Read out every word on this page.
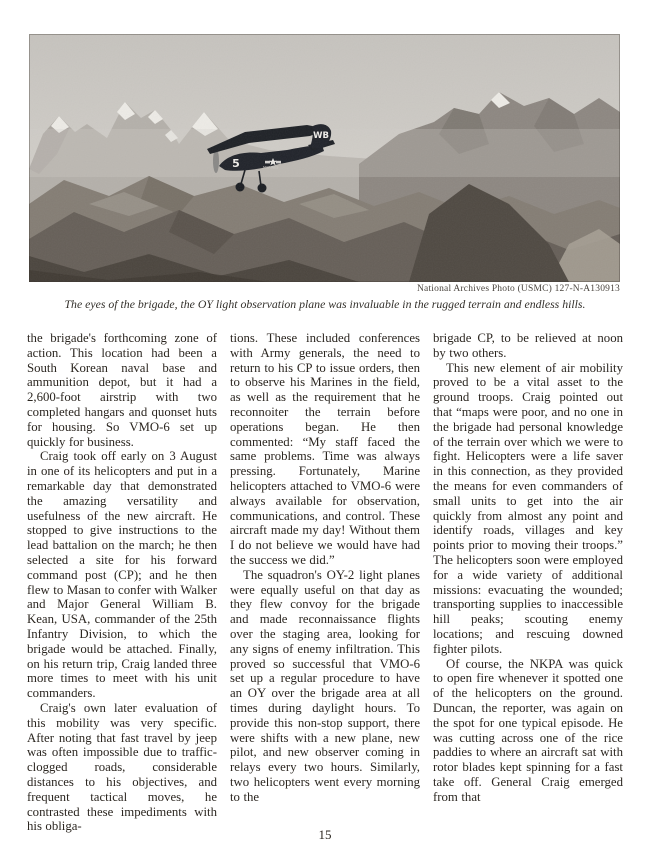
WB
5	MARINES
National Archives Photo (USMC) 127-N-A130913
The eyes of the brigade, the OY light observation plane was invaluable in the rugged terrain and endless hills.

the brigade's forthcoming zone of action. This location had been a South Korean naval base and ammunition depot, but it had a 2,600-foot airstrip with two completed hangars and quonset huts for housing. So VMO-6 set up quickly for business.

Craig took off early on 3 August in one of its helicopters and put in a remarkable day that demonstrated the amazing versatility and usefulness of the new aircraft. He stopped to give instructions to the lead battalion on the march; he then selected a site for his forward command post (CP); and he then flew to Masan to confer with Walker and Major General William B. Kean, USA, commander of the 25th Infantry Division, to which the brigade would be attached. Finally, on his return trip, Craig landed three more times to meet with his unit commanders.

Craig's own later evaluation of this mobility was very specific. After noting that fast travel by jeep was often impossible due to traffic-clogged roads, considerable distances to his objectives, and frequent tactical moves, he contrasted these impediments with his obliga-

tions. These included conferences with Army generals, the need to return to his CP to issue orders, then to observe his Marines in the field, as well as the requirement that he reconnoiter the terrain before operations began. He then commented: “My staff faced the same problems. Time was always pressing. Fortunately, Marine helicopters attached to VMO-6 were always available for observation, communications, and control. These aircraft made my day! Without them I do not believe we would have had the success we did.”

The squadron's OY-2 light planes were equally useful on that day as they flew convoy for the brigade and made reconnaissance flights over the staging area, looking for any signs of enemy infiltration. This proved so successful that VMO-6 set up a regular procedure to have an OY over the brigade area at all times during daylight hours. To provide this non-stop support, there were shifts with a new plane, new pilot, and new observer coming in relays every two hours. Similarly, two helicopters went every morning to the

brigade CP, to be relieved at noon by two others.

This new element of air mobility proved to be a vital asset to the ground troops. Craig pointed out that “maps were poor, and no one in the brigade had personal knowledge of the terrain over which we were to fight. Helicopters were a life saver in this connection, as they provided the means for even commanders of small units to get into the air quickly from almost any point and identify roads, villages and key points prior to moving their troops.” The helicopters soon were employed for a wide variety of additional missions: evacuating the wounded; transporting supplies to inaccessible hill peaks; scouting enemy locations; and rescuing downed fighter pilots.

Of course, the NKPA was quick to open fire whenever it spotted one of the helicopters on the ground. Duncan, the reporter, was again on the spot for one typical episode. He was cutting across one of the rice paddies to where an aircraft sat with rotor blades kept spinning for a fast take off. General Craig emerged from that

15
